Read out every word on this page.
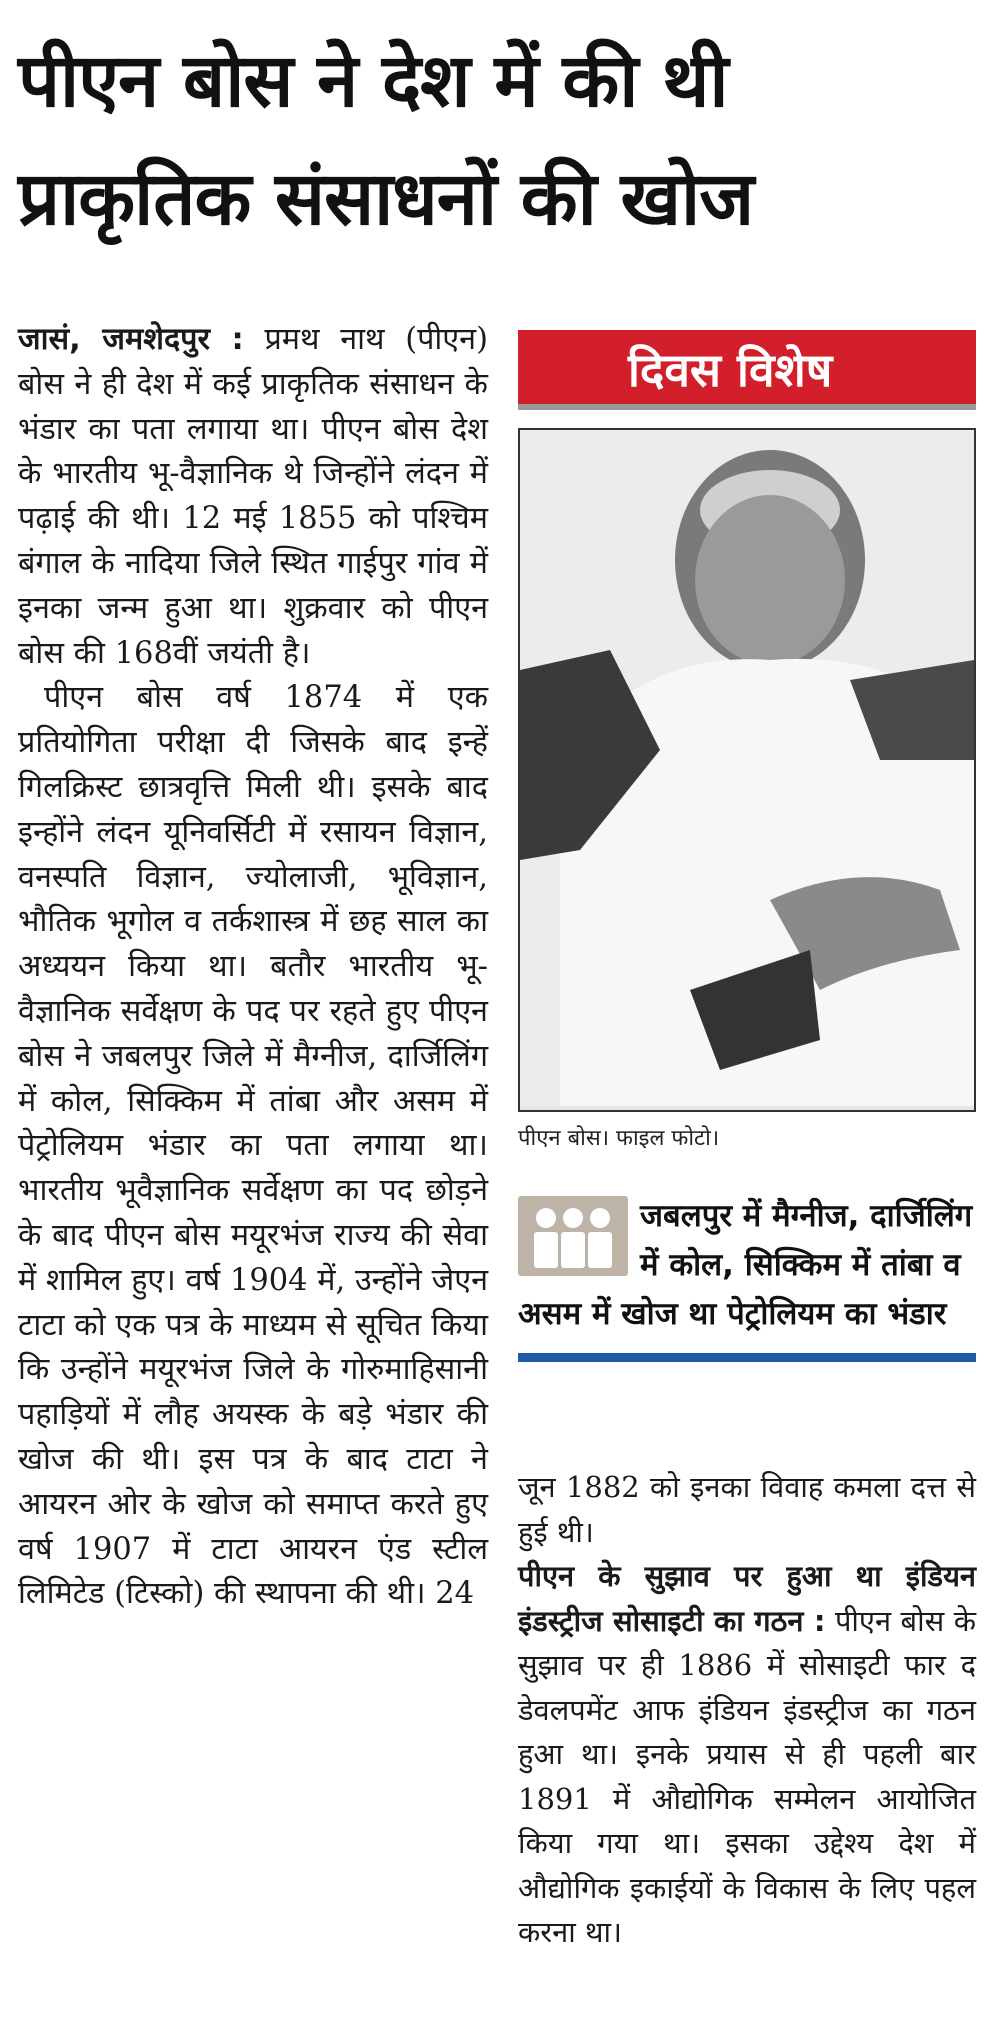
पीएन बोस ने देश में की थी
प्राकृतिक संसाधनों की खोज

जासं, जमशेदपुर : प्रमथ नाथ (पीएन) बोस ने ही देश में कई प्राकृतिक संसाधन के भंडार का पता लगाया था। पीएन बोस देश के भारतीय भू-वैज्ञानिक थे जिन्होंने लंदन में पढ़ाई की थी। 12 मई 1855 को पश्चिम बंगाल के नादिया जिले स्थित गाईपुर गांव में इनका जन्म हुआ था। शुक्रवार को पीएन बोस की 168वीं जयंती है।

पीएन बोस वर्ष 1874 में एक प्रतियोगिता परीक्षा दी जिसके बाद इन्हें गिलक्रिस्ट छात्रवृत्ति मिली थी। इसके बाद इन्होंने लंदन यूनिवर्सिटी में रसायन विज्ञान, वनस्पति विज्ञान, ज्योलाजी, भूविज्ञान, भौतिक भूगोल व तर्कशास्त्र में छह साल का अध्ययन किया था। बतौर भारतीय भू-वैज्ञानिक सर्वेक्षण के पद पर रहते हुए पीएन बोस ने जबलपुर जिले में मैग्नीज, दार्जिलिंग में कोल, सिक्किम में तांबा और असम में पेट्रोलियम भंडार का पता लगाया था। भारतीय भूवैज्ञानिक सर्वेक्षण का पद छोड़ने के बाद पीएन बोस मयूरभंज राज्य की सेवा में शामिल हुए। वर्ष 1904 में, उन्होंने जेएन टाटा को एक पत्र के माध्यम से सूचित किया कि उन्होंने मयूरभंज जिले के गोरुमाहिसानी पहाड़ियों में लौह अयस्क के बड़े भंडार की खोज की थी। इस पत्र के बाद टाटा ने आयरन ओर के खोज को समाप्त करते हुए वर्ष 1907 में टाटा आयरन एंड स्टील लिमिटेड (टिस्को) की स्थापना की थी। 24

दिवस विशेष
पीएन बोस। फाइल फोटो।
जबलपुर में मैग्नीज, दार्जिलिंग में कोल, सिक्किम में तांबा व असम में खोज था पेट्रोलियम का भंडार

जून 1882 को इनका विवाह कमला दत्त से हुई थी।

पीएन के सुझाव पर हुआ था इंडियन इंडस्ट्रीज सोसाइटी का गठन : पीएन बोस के सुझाव पर ही 1886 में सोसाइटी फार द डेवलपमेंट आफ इंडियन इंडस्ट्रीज का गठन हुआ था। इनके प्रयास से ही पहली बार 1891 में औद्योगिक सम्मेलन आयोजित किया गया था। इसका उद्देश्य देश में औद्योगिक इकाईयों के विकास के लिए पहल करना था।
